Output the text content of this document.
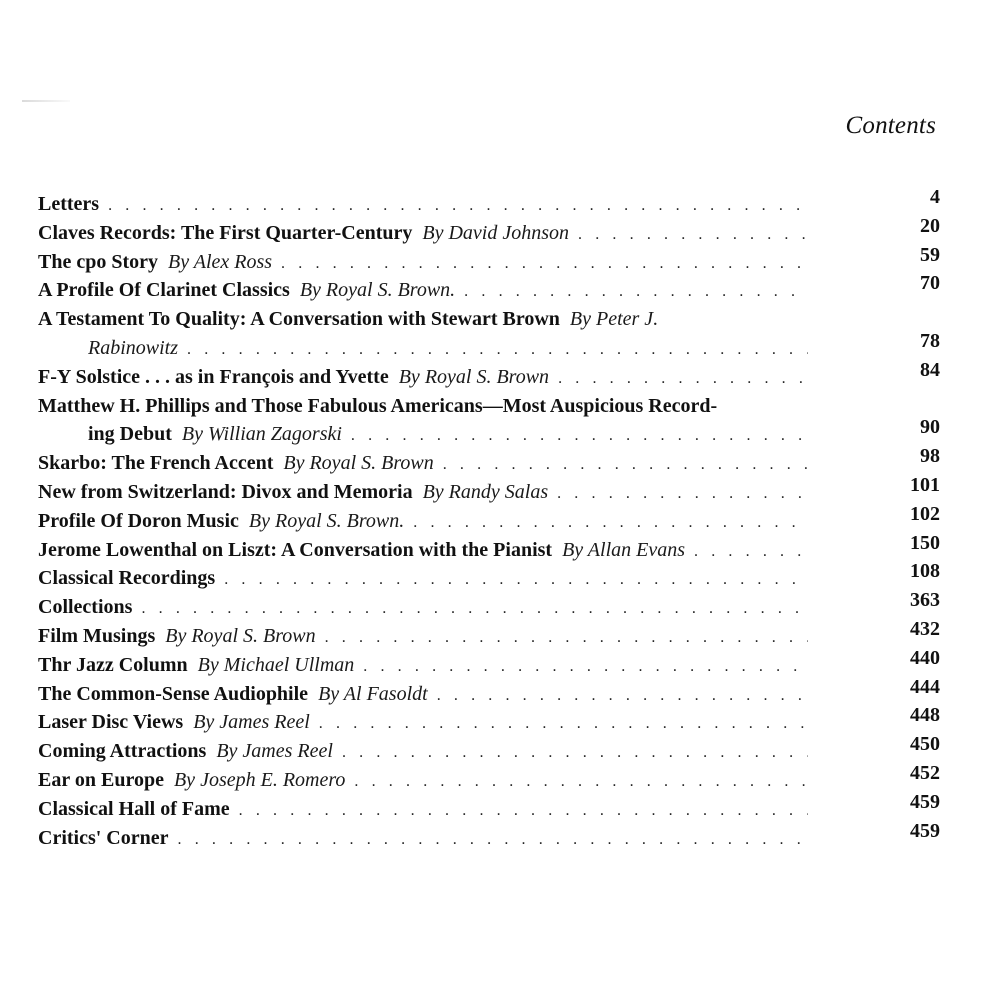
Contents
Letters . . .	4
Claves Records: The First Quarter-Century By David Johnson . . .	20
The cpo Story By Alex Ross . . .	59
A Profile Of Clarinet Classics By Royal S. Brown. . . .	70
A Testament To Quality: A Conversation with Stewart Brown By Peter J.
Rabinowitz . . .	78
F-Y Solstice . . . as in François and Yvette By Royal S. Brown . . .	84
Matthew H. Phillips and Those Fabulous Americans—Most Auspicious Record-
ing Debut By Willian Zagorski . . .	90
Skarbo: The French Accent By Royal S. Brown . . .	98
New from Switzerland: Divox and Memoria By Randy Salas . . .	101
Profile Of Doron Music By Royal S. Brown. . . .	102
Jerome Lowenthal on Liszt: A Conversation with the Pianist By Allan Evans . . .	150
Classical Recordings . . .	108
Collections . . .	363
Film Musings By Royal S. Brown . . .	432
Thr Jazz Column By Michael Ullman . . .	440
The Common-Sense Audiophile By Al Fasoldt . . .	444
Laser Disc Views By James Reel . . .	448
Coming Attractions By James Reel . . .	450
Ear on Europe By Joseph E. Romero . . .	452
Classical Hall of Fame . . .	459
Critics' Corner . . .	459
